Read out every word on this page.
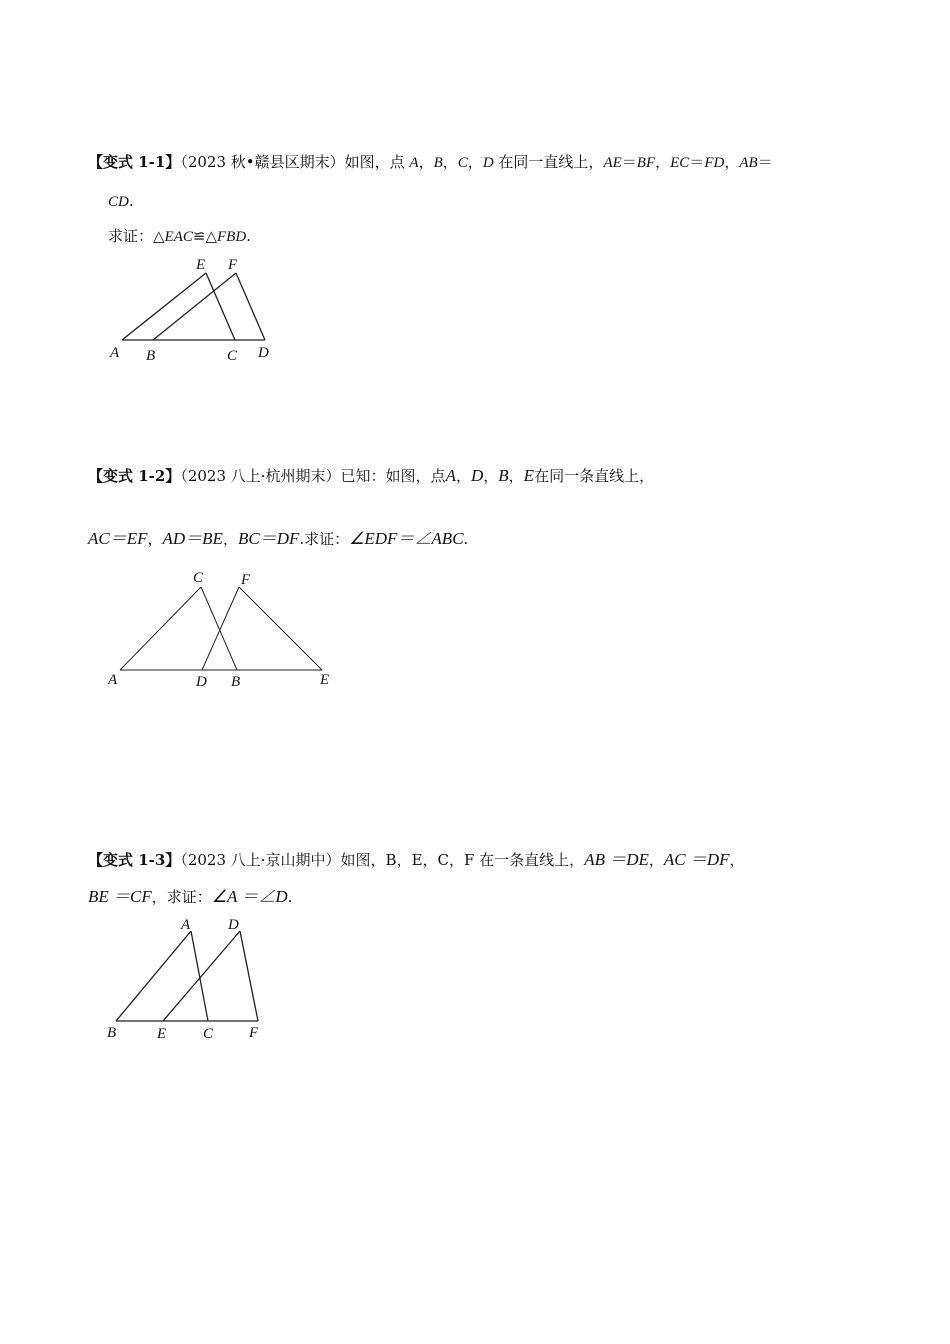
【变式 1-1】（2023 秋•赣县区期末）如图，点 A，B，C，D 在同一直线上，AE＝BF，EC＝FD，AB＝
CD.
求证：△EAC≌△FBD.
E F
A B	C D
【变式 1-2】（2023 八上·杭州期末）已知：如图，点A，D，B，E在同一条直线上，
AC＝EF，AD＝BE，BC＝DF.求证：∠EDF＝∠ABC.
C	F
A	D B	E
【变式 1-3】（2023 八上·京山期中）如图，B，E，C，F 在一条直线上，AB ＝DE，AC ＝DF，
BE ＝CF，求证：∠A ＝∠D.
A	D
B	E C F
